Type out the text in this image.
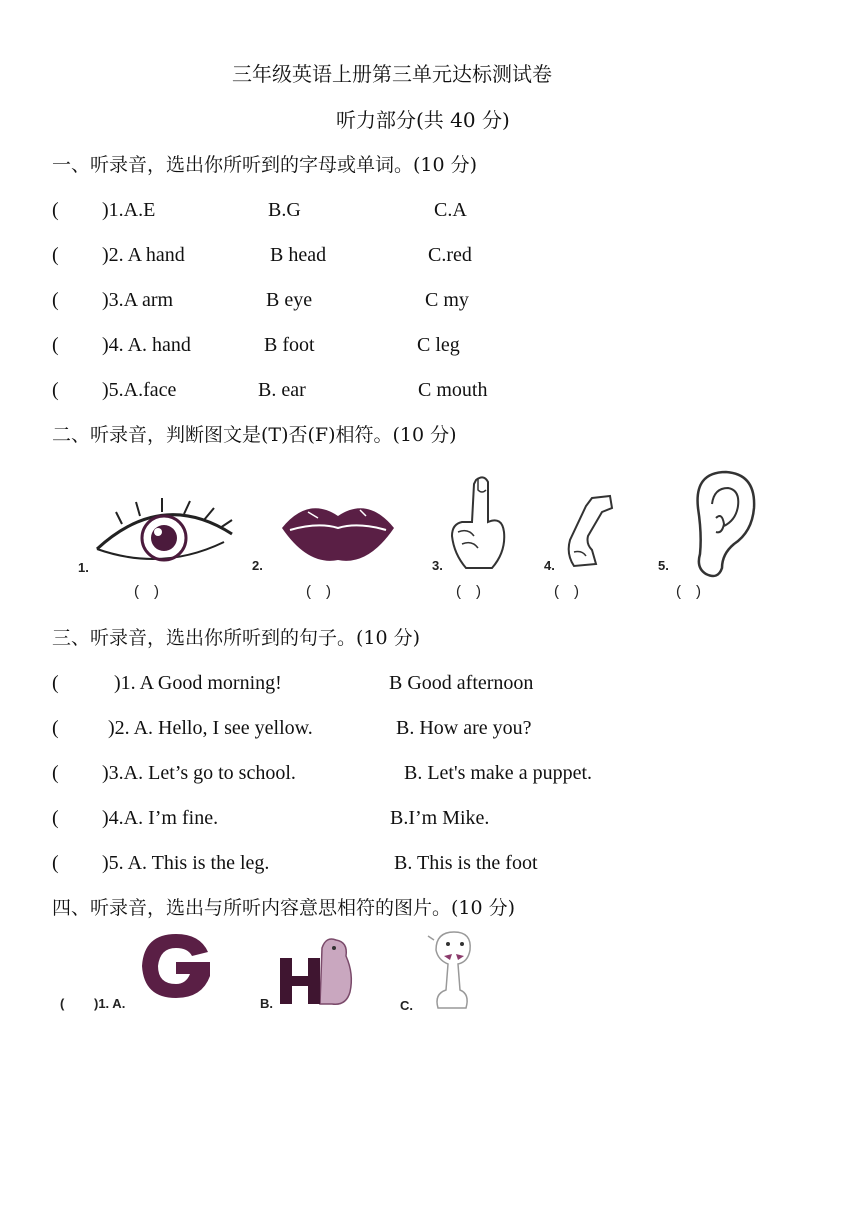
三年级英语上册第三单元达标测试卷
听力部分(共 40 分)
一、听录音，选出你所听到的字母或单词。(10 分)
( )1.A.E	B.G	C.A
( )2. A hand	B head	C.red
( )3.A arm	B eye	C my
( )4. A. hand	B foot	C leg
( )5.A.face	B. ear	C mouth
二、听录音，判断图文是(T)否(F)相符。(10 分)
1.
(　)
2.
(　)
3.
(　)
4.
(　)
5.
(　)
三、听录音，选出你所听到的句子。(10 分)
(	)1. A Good morning!	B Good afternoon
( )2. A. Hello, I see yellow.	B. How are you?
( )3.A. Let’s go to school.	B. Let's make a puppet.
( )4.A. I’m fine.	B.I’m Mike.
( )5. A. This is the leg.	B. This is the foot
四、听录音，选出与所听内容意思相符的图片。(10 分)
( )1. A.	B.	C.
